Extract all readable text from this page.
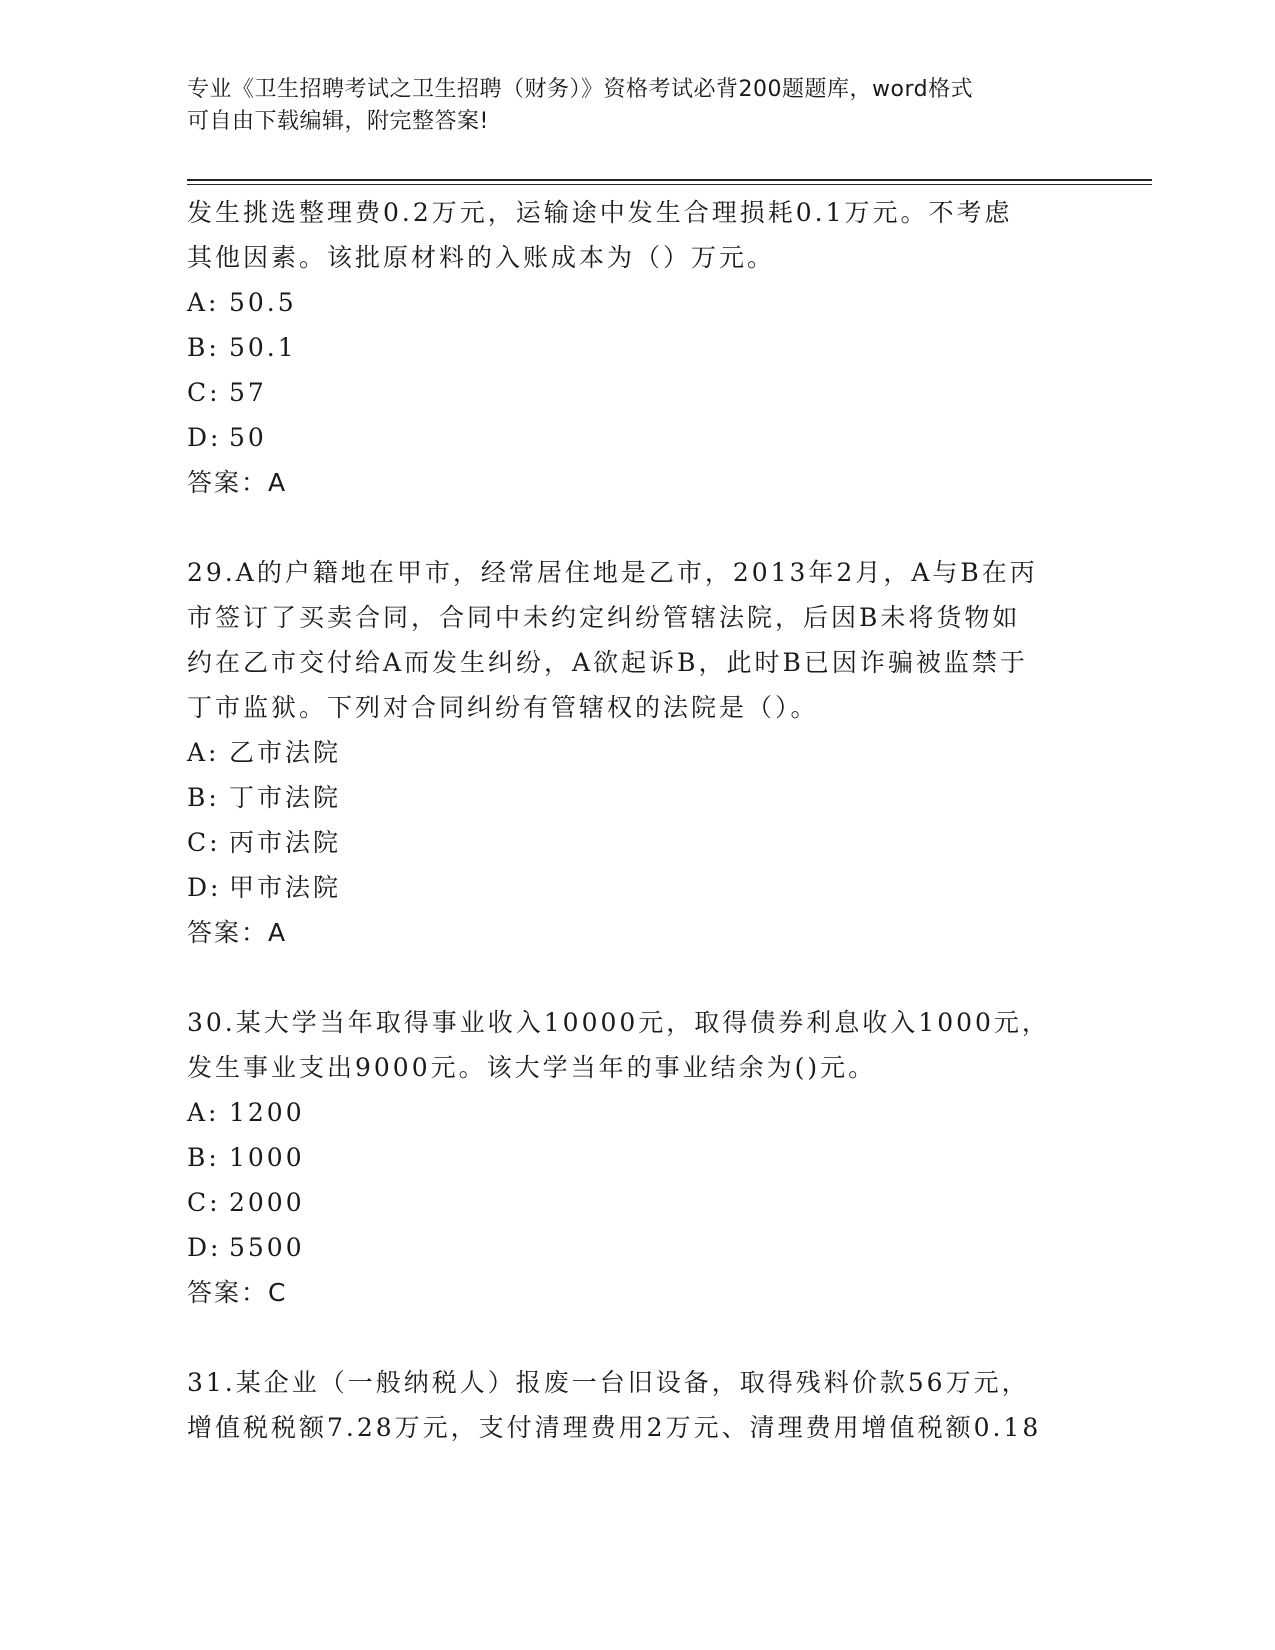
专业《卫生招聘考试之卫生招聘（财务）》资格考试必背200题题库，word格式
可自由下载编辑，附完整答案!

发生挑选整理费0.2万元，运输途中发生合理损耗0.1万元。不考虑

其他因素。该批原材料的入账成本为（）万元。

A: 50.5
B: 50.1
C: 57
D: 50

答案：A

29.A的户籍地在甲市，经常居住地是乙市，2013年2月，A与B在丙

市签订了买卖合同，合同中未约定纠纷管辖法院，后因B未将货物如

约在乙市交付给A而发生纠纷，A欲起诉B，此时B已因诈骗被监禁于

丁市监狱。下列对合同纠纷有管辖权的法院是（）。

A: 乙市法院
B: 丁市法院
C: 丙市法院
D: 甲市法院

答案：A

30.某大学当年取得事业收入10000元，取得债券利息收入1000元，

发生事业支出9000元。该大学当年的事业结余为()元。

A: 1200
B: 1000
C: 2000
D: 5500

答案：C

31.某企业（一般纳税人）报废一台旧设备，取得残料价款56万元，

增值税税额7.28万元，支付清理费用2万元、清理费用增值税额0.18
